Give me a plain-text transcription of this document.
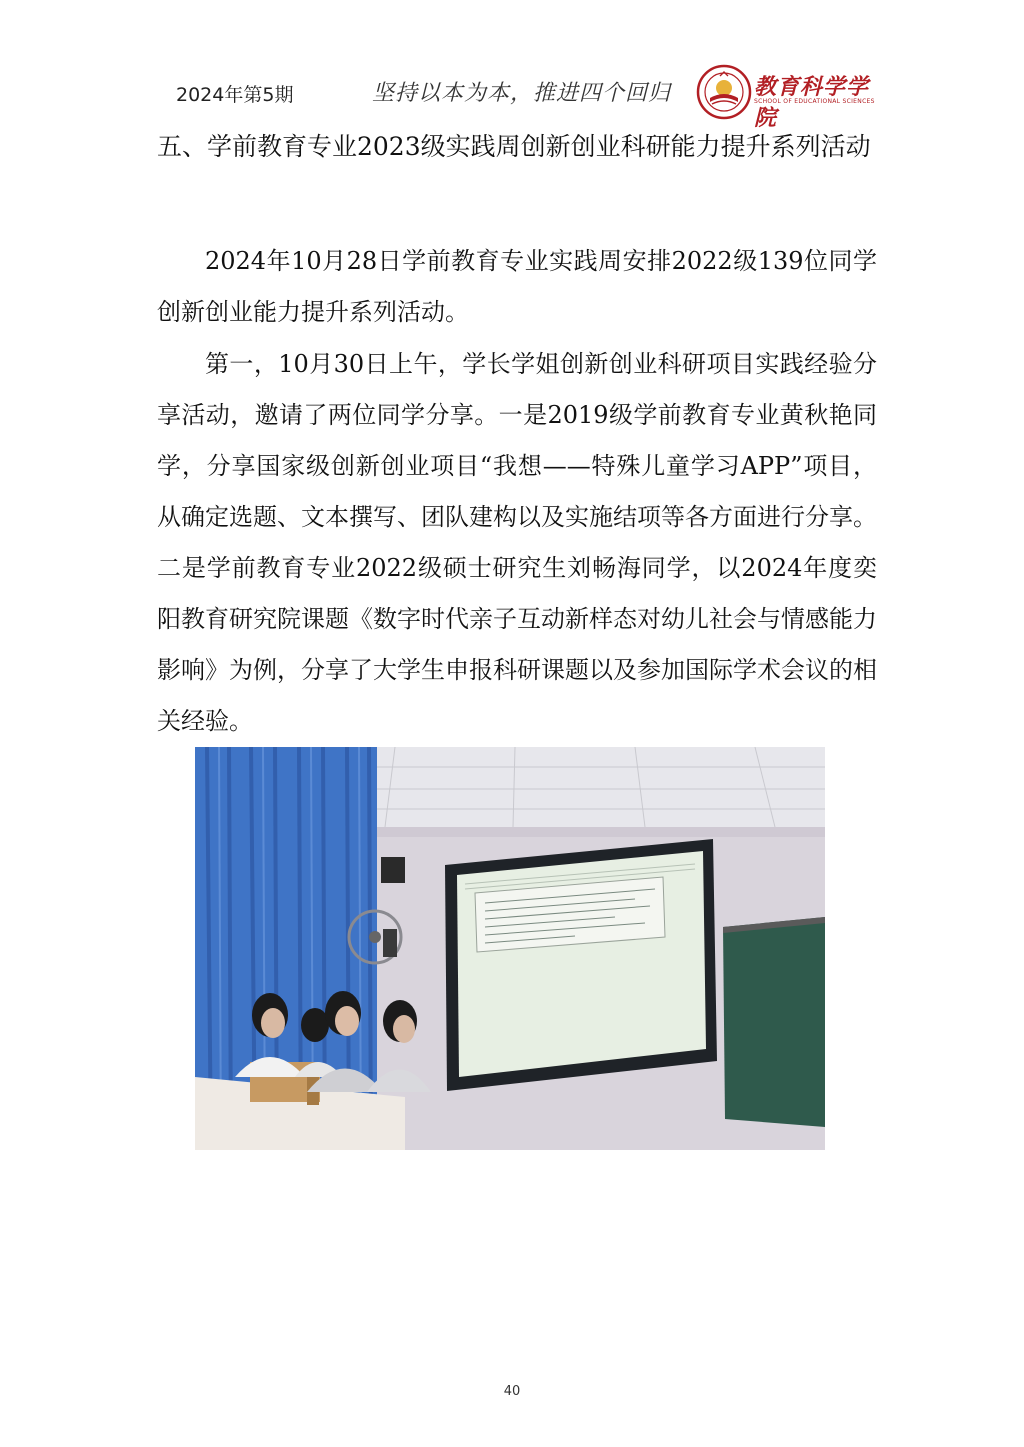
2024年第5期	坚持以本为本，推进四个回归	教育科学学院
SCHOOL OF EDUCATIONAL SCIENCES
五、学前教育专业2023级实践周创新创业科研能力提升系列活动

2024年10月28日学前教育专业实践周安排2022级139位同学创新创业能力提升系列活动。

第一，10月30日上午，学长学姐创新创业科研项目实践经验分享活动，邀请了两位同学分享。一是2019级学前教育专业黄秋艳同学，分享国家级创新创业项目“我想——特殊儿童学习APP”项目，从确定选题、文本撰写、团队建构以及实施结项等各方面进行分享。二是学前教育专业2022级硕士研究生刘畅海同学，以2024年度奕阳教育研究院课题《数字时代亲子互动新样态对幼儿社会与情感能力影响》为例，分享了大学生申报科研课题以及参加国际学术会议的相关经验。

40
